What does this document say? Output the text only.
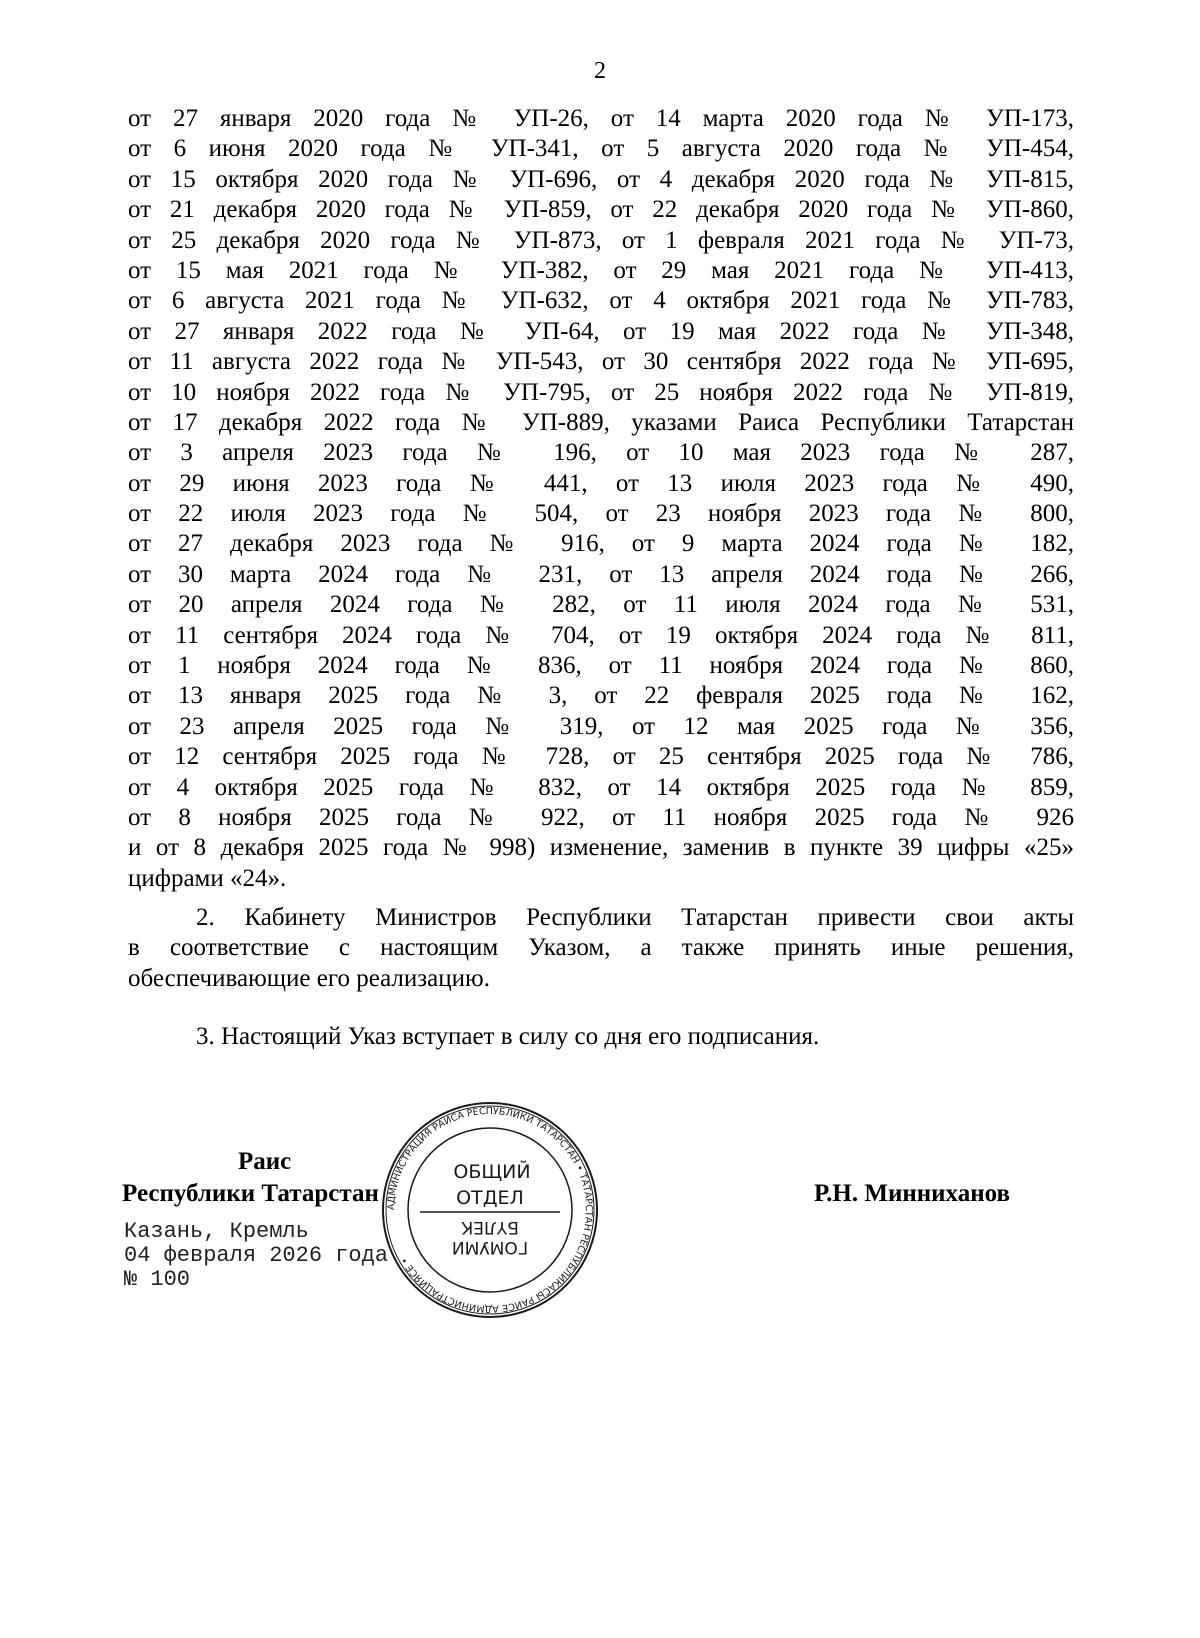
2
от 27 января 2020 года № УП-26, от 14 марта 2020 года № УП-173,
от 6 июня 2020 года № УП-341, от 5 августа 2020 года № УП-454,
от 15 октября 2020 года № УП-696, от 4 декабря 2020 года № УП-815,
от 21 декабря 2020 года № УП-859, от 22 декабря 2020 года № УП-860,
от 25 декабря 2020 года № УП-873, от 1 февраля 2021 года № УП-73,
от 15 мая 2021 года № УП-382, от 29 мая 2021 года № УП-413,
от 6 августа 2021 года № УП-632, от 4 октября 2021 года № УП-783,
от 27 января 2022 года № УП-64, от 19 мая 2022 года № УП-348,
от 11 августа 2022 года № УП-543, от 30 сентября 2022 года № УП-695,
от 10 ноября 2022 года № УП-795, от 25 ноября 2022 года № УП-819,
от 17 декабря 2022 года № УП-889, указами Раиса Республики Татарстан
от 3 апреля 2023 года № 196, от 10 мая 2023 года № 287,
от 29 июня 2023 года № 441, от 13 июля 2023 года № 490,
от 22 июля 2023 года № 504, от 23 ноября 2023 года № 800,
от 27 декабря 2023 года № 916, от 9 марта 2024 года № 182,
от 30 марта 2024 года № 231, от 13 апреля 2024 года № 266,
от 20 апреля 2024 года № 282, от 11 июля 2024 года № 531,
от 11 сентября 2024 года № 704, от 19 октября 2024 года № 811,
от 1 ноября 2024 года № 836, от 11 ноября 2024 года № 860,
от 13 января 2025 года № 3, от 22 февраля 2025 года № 162,
от 23 апреля 2025 года № 319, от 12 мая 2025 года № 356,
от 12 сентября 2025 года № 728, от 25 сентября 2025 года № 786,
от 4 октября 2025 года № 832, от 14 октября 2025 года № 859,
от 8 ноября 2025 года № 922, от 11 ноября 2025 года № 926
и от 8 декабря 2025 года № 998) изменение, заменив в пункте 39 цифры «25»
цифрами «24».
2. Кабинету Министров Республики Татарстан привести свои акты
в соответствие с настоящим Указом, а также принять иные решения,
обеспечивающие его реализацию.
3. Настоящий Указ вступает в силу со дня его подписания.
Раис
Республики Татарстан	Р.Н. Минниханов
Казань, Кремль
04 февраля 2026 года
№ 100
АДМИНИСТРАЦИЯ РАИСА РЕСПУБЛИКИ ТАТАРСТАН • ТАТАРСТАН РЕСПУБЛИКАСЫ РАИСЕ АДМИНИСТРАЦИЯСЕ •
ОБЩИЙ
ОТДЕЛ
ГОМУМИ
БҮЛЕК
